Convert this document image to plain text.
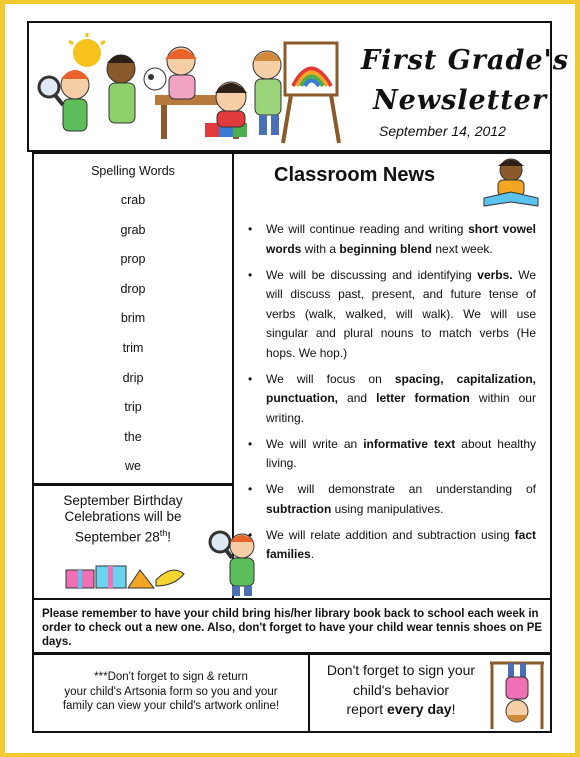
First Grade's
Newsletter
September 14, 2012
Spelling Words
crab
grab
prop
drop
brim
trim
drip
trip
the
we
September Birthday
Celebrations will be
September 28th!
Classroom News
• We will continue reading and writing short vowel words with a beginning blend next week.
• We will be discussing and identifying verbs. We will discuss past, present, and future tense of verbs (walk, walked, will walk). We will use singular and plural nouns to match verbs (He hops. We hop.)
• We will focus on spacing, capitalization, punctuation, and letter formation within our writing.
• We will write an informative text about healthy living.
• We will demonstrate an understanding of subtraction using manipulatives.
• We will relate addition and subtraction using fact families.
Please remember to have your child bring his/her library book back to school each week in order to check out a new one. Also, don't forget to have your child wear tennis shoes on PE days.
***Don't forget to sign & return
your child's Artsonia form so you and your
family can view your child's artwork online!
Don't forget to sign your
child's behavior
report every day!
